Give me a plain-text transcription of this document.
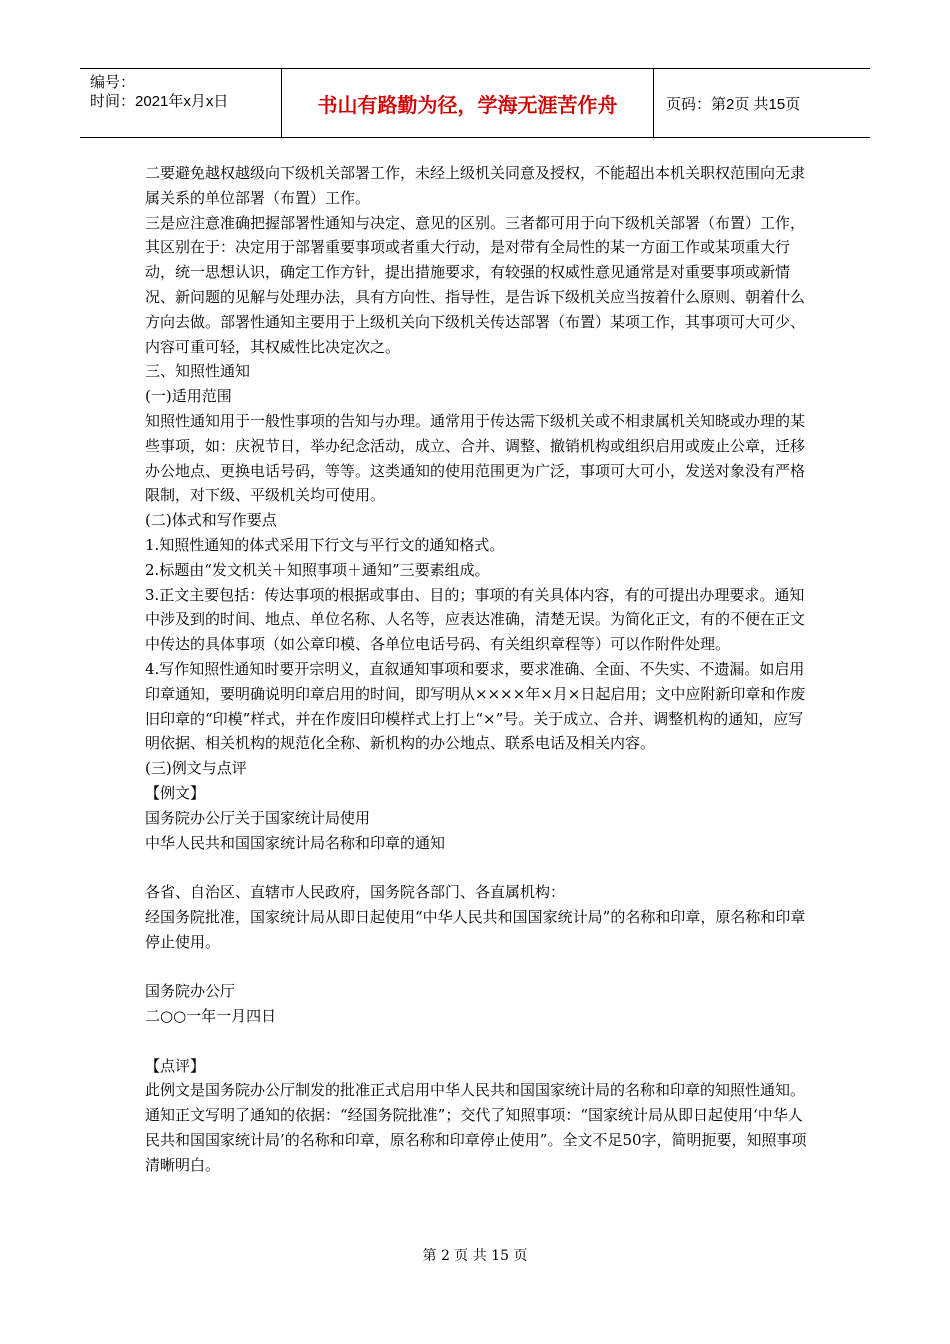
编号：
时间：2021年x月x日	书山有路勤为径，学海无涯苦作舟	页码：第2页 共15页

二要避免越权越级向下级机关部署工作，未经上级机关同意及授权，不能超出本机关职权范围向无隶属关系的单位部署（布置）工作。

三是应注意准确把握部署性通知与决定、意见的区别。三者都可用于向下级机关部署（布置）工作，其区别在于：决定用于部署重要事项或者重大行动，是对带有全局性的某一方面工作或某项重大行动，统一思想认识，确定工作方针，提出措施要求，有较强的权威性意见通常是对重要事项或新情况、新问题的见解与处理办法，具有方向性、指导性，是告诉下级机关应当按着什么原则、朝着什么方向去做。部署性通知主要用于上级机关向下级机关传达部署（布置）某项工作，其事项可大可少、内容可重可轻，其权威性比决定次之。

三、知照性通知

(一)适用范围

知照性通知用于一般性事项的告知与办理。通常用于传达需下级机关或不相隶属机关知晓或办理的某些事项，如：庆祝节日，举办纪念活动，成立、合并、调整、撤销机构或组织启用或废止公章，迁移办公地点、更换电话号码，等等。这类通知的使用范围更为广泛，事项可大可小，发送对象没有严格限制，对下级、平级机关均可使用。

(二)体式和写作要点

1.知照性通知的体式采用下行文与平行文的通知格式。

2.标题由“发文机关＋知照事项＋通知”三要素组成。

3.正文主要包括：传达事项的根据或事由、目的；事项的有关具体内容，有的可提出办理要求。通知中涉及到的时间、地点、单位名称、人名等，应表达准确，清楚无误。为简化正文，有的不便在正文中传达的具体事项（如公章印模、各单位电话号码、有关组织章程等）可以作附件处理。

4.写作知照性通知时要开宗明义，直叙通知事项和要求，要求准确、全面、不失实、不遗漏。如启用印章通知，要明确说明印章启用的时间，即写明从××××年×月×日起启用；文中应附新印章和作废旧印章的“印模”样式，并在作废旧印模样式上打上“×”号。关于成立、合并、调整机构的通知，应写明依据、相关机构的规范化全称、新机构的办公地点、联系电话及相关内容。

(三)例文与点评

【例文】

国务院办公厅关于国家统计局使用

中华人民共和国国家统计局名称和印章的通知

各省、自治区、直辖市人民政府，国务院各部门、各直属机构：

经国务院批准，国家统计局从即日起使用“中华人民共和国国家统计局”的名称和印章，原名称和印章停止使用。

国务院办公厅

二○○一年一月四日

【点评】

此例文是国务院办公厅制发的批准正式启用中华人民共和国国家统计局的名称和印章的知照性通知。通知正文写明了通知的依据：“经国务院批准”；交代了知照事项：“国家统计局从即日起使用‘中华人民共和国国家统计局’的名称和印章，原名称和印章停止使用”。全文不足50字，简明扼要，知照事项清晰明白。

第 2 页 共 15 页
